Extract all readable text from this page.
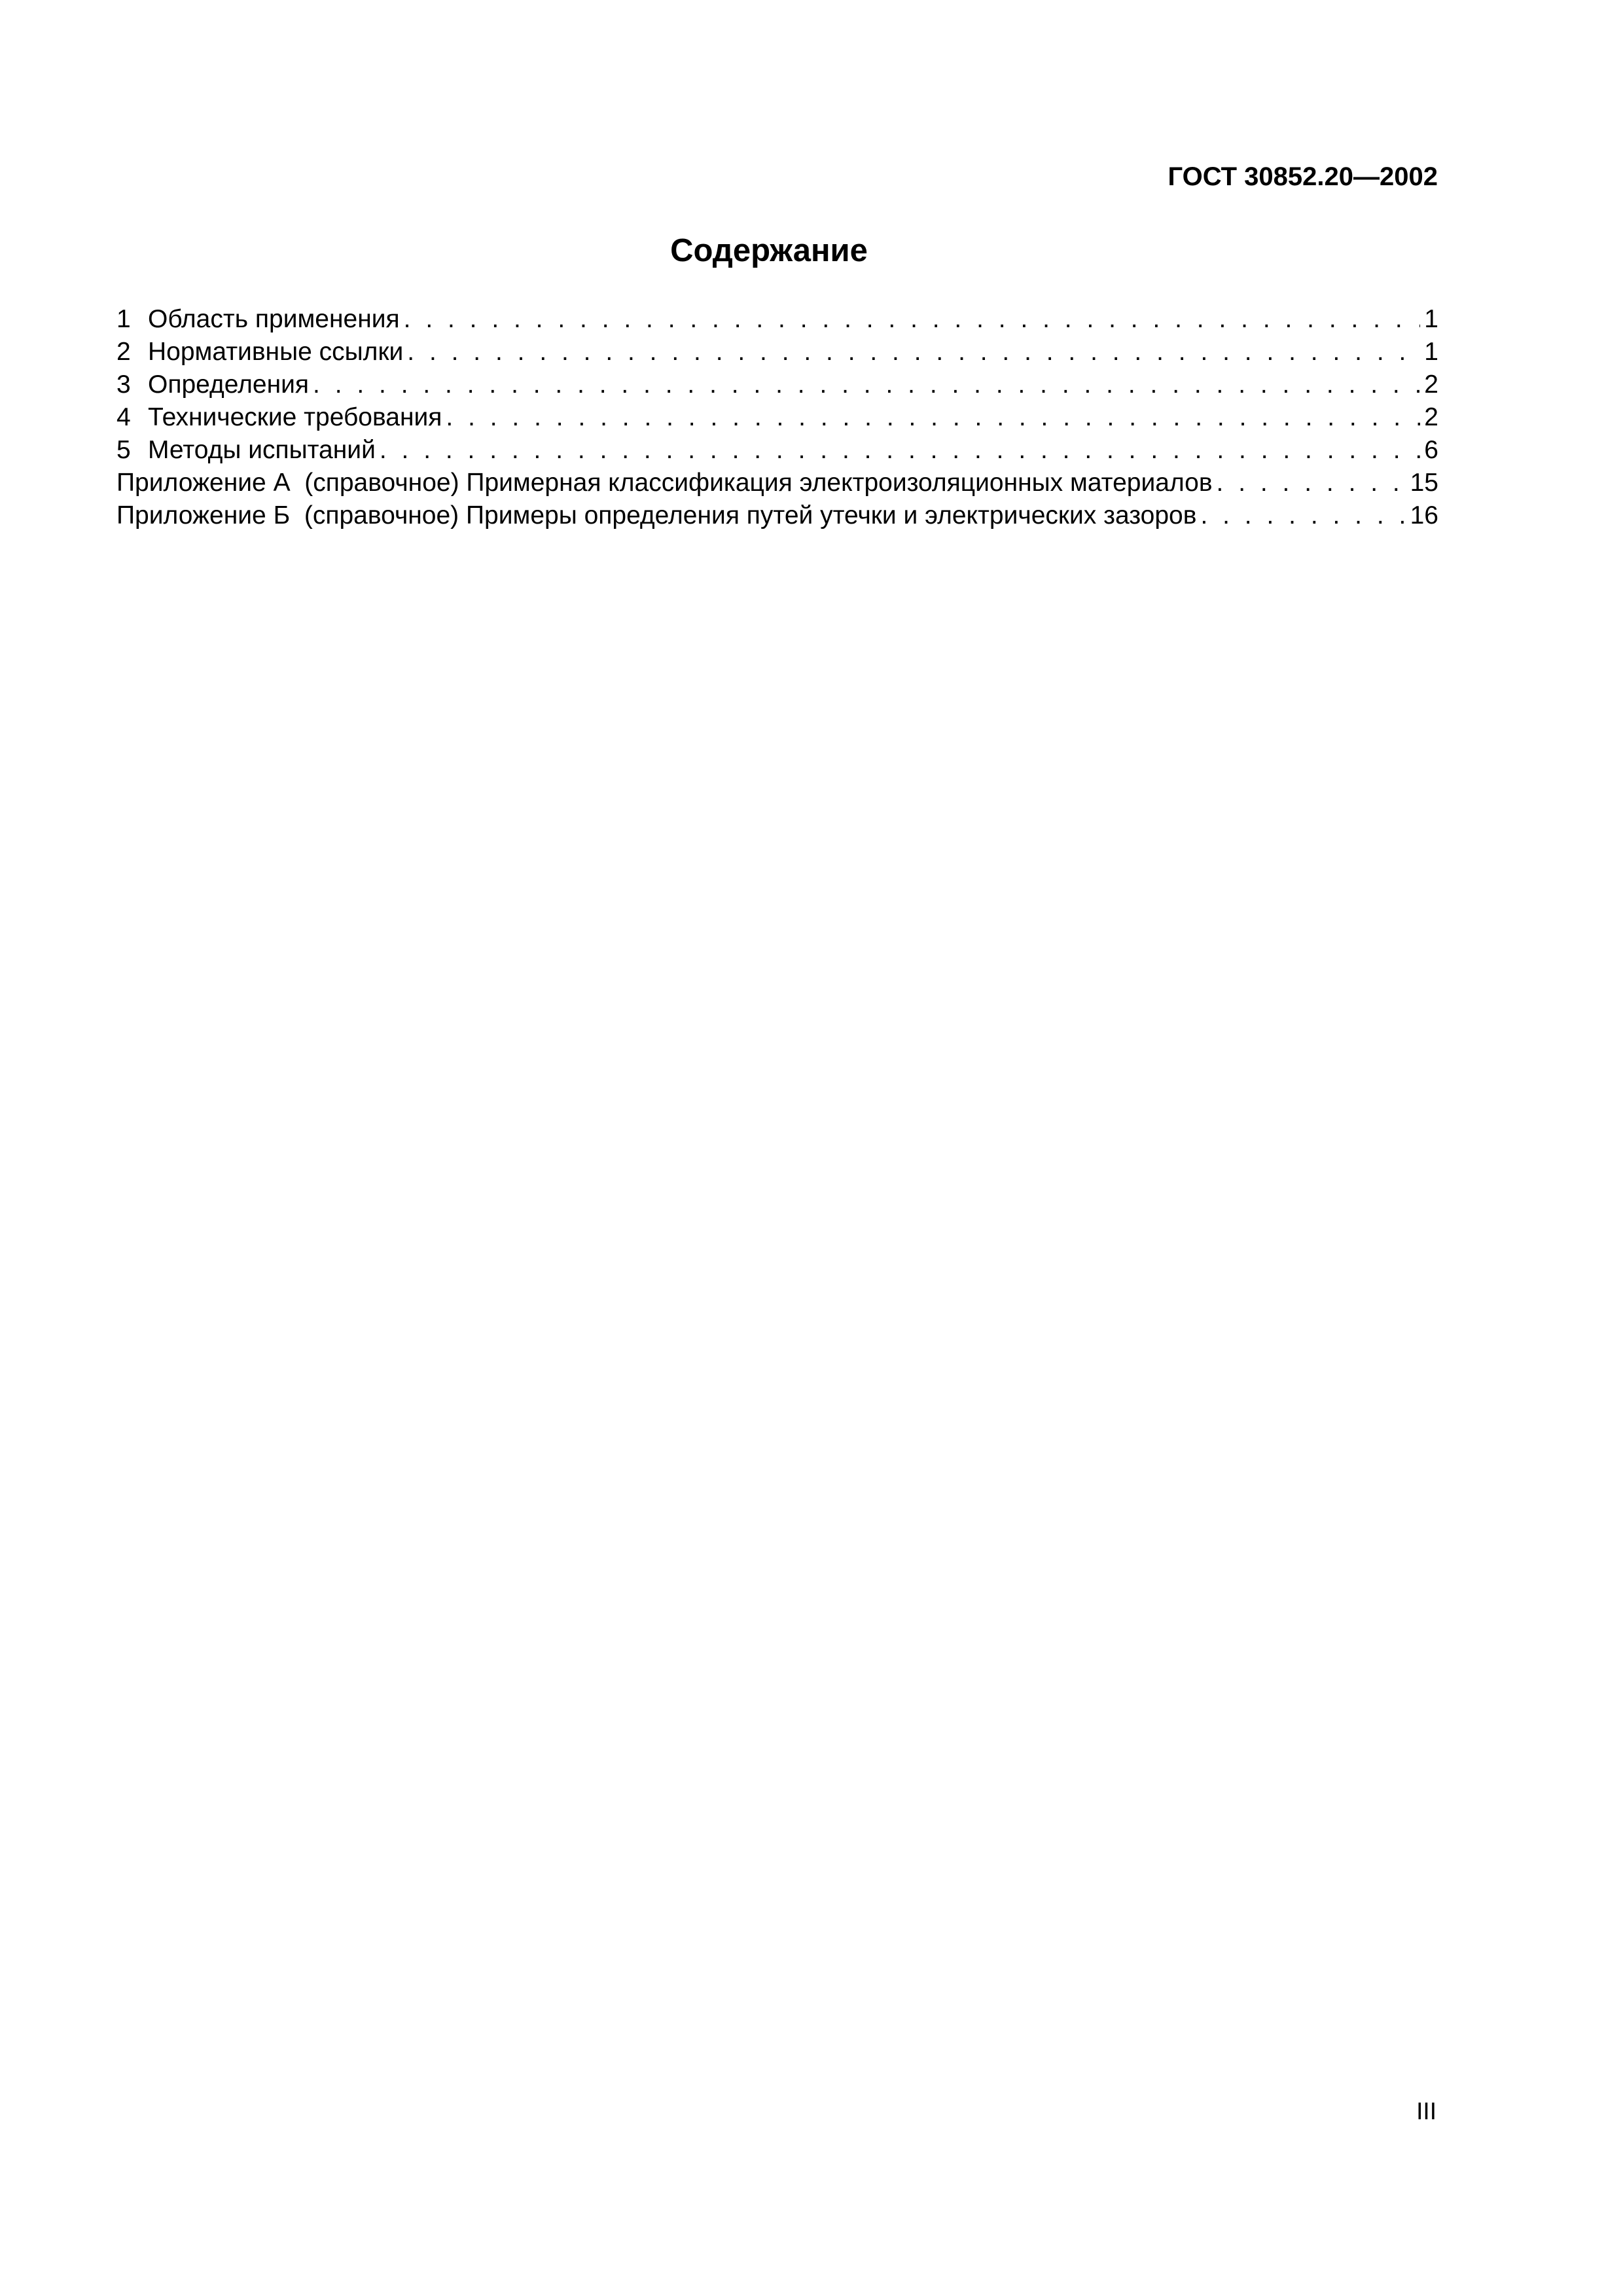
ГОСТ 30852.20—2002
Содержание
1 Область применения . . .	1
2 Нормативные ссылки . . .	1
3 Определения . . .	2
4 Технические требования . . .	2
5 Методы испытаний . . .	6
Приложение А  (справочное) Примерная классификация электроизоляционных материалов . . .	15
Приложение Б  (справочное) Примеры определения путей утечки и электрических зазоров . . .	16
III
